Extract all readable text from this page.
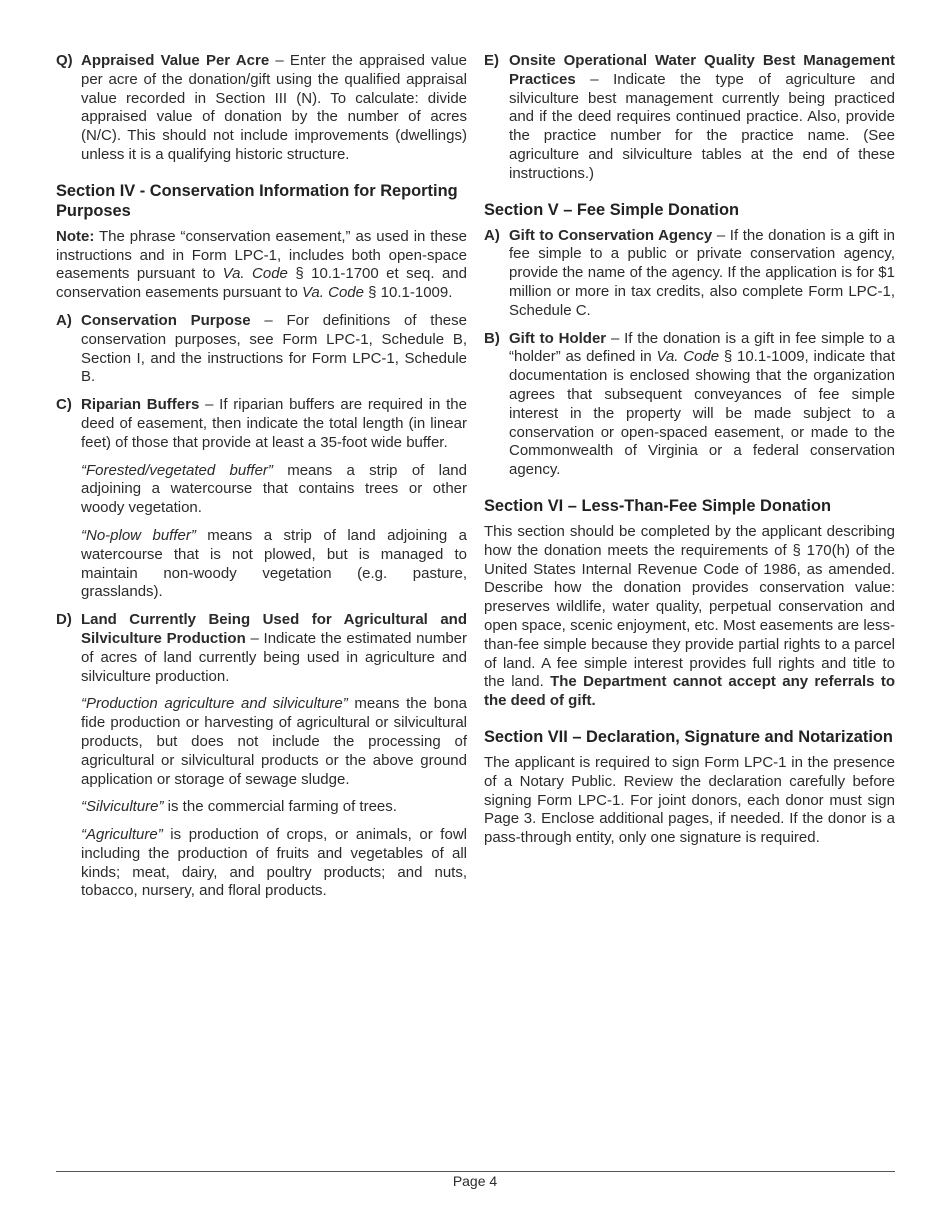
Q) Appraised Value Per Acre – Enter the appraised value per acre of the donation/gift using the qualified appraisal value recorded in Section III (N). To calculate: divide appraised value of donation by the number of acres (N/C). This should not include improvements (dwellings) unless it is a qualifying historic structure.
Section IV - Conservation Information for Reporting Purposes
Note: The phrase “conservation easement,” as used in these instructions and in Form LPC-1, includes both open-space easements pursuant to Va. Code § 10.1-1700 et seq. and conservation easements pursuant to Va. Code § 10.1-1009.
A) Conservation Purpose – For definitions of these conservation purposes, see Form LPC-1, Schedule B, Section I, and the instructions for Form LPC-1, Schedule B.
C) Riparian Buffers – If riparian buffers are required in the deed of easement, then indicate the total length (in linear feet) of those that provide at least a 35-foot wide buffer.
“Forested/vegetated buffer” means a strip of land adjoining a watercourse that contains trees or other woody vegetation.
“No-plow buffer” means a strip of land adjoining a watercourse that is not plowed, but is managed to maintain non-woody vegetation (e.g. pasture, grasslands).
D) Land Currently Being Used for Agricultural and Silviculture Production – Indicate the estimated number of acres of land currently being used in agriculture and silviculture production.
“Production agriculture and silviculture” means the bona fide production or harvesting of agricultural or silvicultural products, but does not include the processing of agricultural or silvicultural products or the above ground application or storage of sewage sludge.
“Silviculture” is the commercial farming of trees.
“Agriculture” is production of crops, or animals, or fowl including the production of fruits and vegetables of all kinds; meat, dairy, and poultry products; and nuts, tobacco, nursery, and floral products.
E) Onsite Operational Water Quality Best Management Practices – Indicate the type of agriculture and silviculture best management currently being practiced and if the deed requires continued practice. Also, provide the practice number for the practice name. (See agriculture and silviculture tables at the end of these instructions.)
Section V – Fee Simple Donation
A) Gift to Conservation Agency – If the donation is a gift in fee simple to a public or private conservation agency, provide the name of the agency. If the application is for $1 million or more in tax credits, also complete Form LPC-1, Schedule C.
B) Gift to Holder – If the donation is a gift in fee simple to a “holder” as defined in Va. Code § 10.1-1009, indicate that documentation is enclosed showing that the organization agrees that subsequent conveyances of fee simple interest in the property will be made subject to a conservation or open-spaced easement, or made to the Commonwealth of Virginia or a federal conservation agency.
Section VI – Less-Than-Fee Simple Donation
This section should be completed by the applicant describing how the donation meets the requirements of § 170(h) of the United States Internal Revenue Code of 1986, as amended. Describe how the donation provides conservation value: preserves wildlife, water quality, perpetual conservation and open space, scenic enjoyment, etc. Most easements are less-than-fee simple because they provide partial rights to a parcel of land. A fee simple interest provides full rights and title to the land. The Department cannot accept any referrals to the deed of gift.
Section VII – Declaration, Signature and Notarization
The applicant is required to sign Form LPC-1 in the presence of a Notary Public. Review the declaration carefully before signing Form LPC-1. For joint donors, each donor must sign Page 3. Enclose additional pages, if needed. If the donor is a pass-through entity, only one signature is required.
Page 4
